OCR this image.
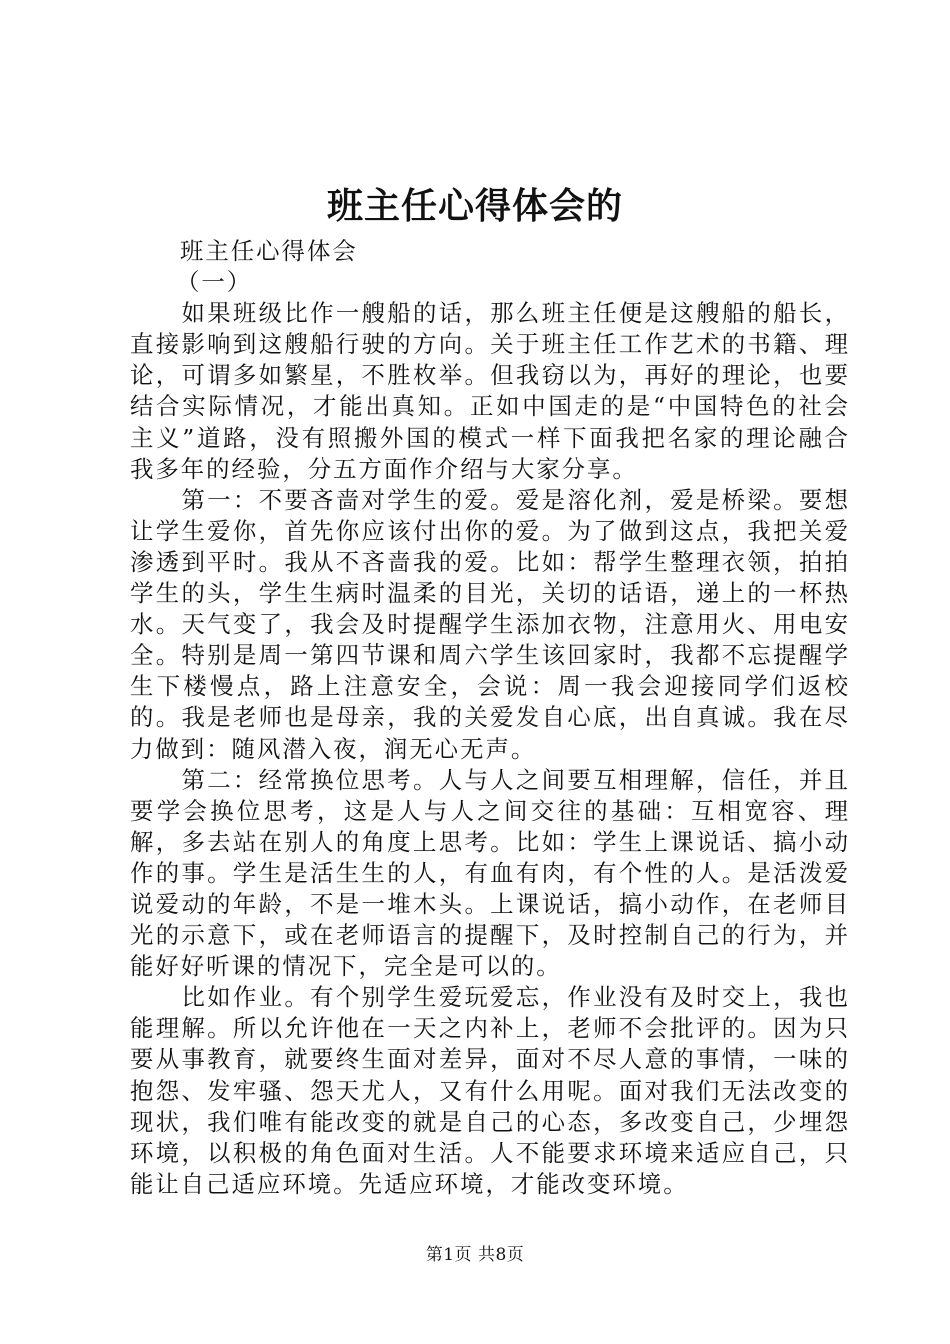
班主任心得体会的

班主任心得体会

（一）

如果班级比作一艘船的话，那么班主任便是这艘船的船长，直接影响到这艘船行驶的方向。关于班主任工作艺术的书籍、理论，可谓多如繁星，不胜枚举。但我窃以为，再好的理论，也要结合实际情况，才能出真知。正如中国走的是“中国特色的社会主义”道路，没有照搬外国的模式一样下面我把名家的理论融合我多年的经验，分五方面作介绍与大家分享。

第一：不要吝啬对学生的爱。爱是溶化剂，爱是桥梁。要想让学生爱你，首先你应该付出你的爱。为了做到这点，我把关爱渗透到平时。我从不吝啬我的爱。比如：帮学生整理衣领，拍拍学生的头，学生生病时温柔的目光，关切的话语，递上的一杯热水。天气变了，我会及时提醒学生添加衣物，注意用火、用电安全。特别是周一第四节课和周六学生该回家时，我都不忘提醒学生下楼慢点，路上注意安全，会说：周一我会迎接同学们返校的。我是老师也是母亲，我的关爱发自心底，出自真诚。我在尽力做到：随风潜入夜，润无心无声。

第二：经常换位思考。人与人之间要互相理解，信任，并且要学会换位思考，这是人与人之间交往的基础：互相宽容、理解，多去站在别人的角度上思考。比如：学生上课说话、搞小动作的事。学生是活生生的人，有血有肉，有个性的人。是活泼爱说爱动的年龄，不是一堆木头。上课说话，搞小动作，在老师目光的示意下，或在老师语言的提醒下，及时控制自己的行为，并能好好听课的情况下，完全是可以的。

比如作业。有个别学生爱玩爱忘，作业没有及时交上，我也能理解。所以允许他在一天之内补上，老师不会批评的。因为只要从事教育，就要终生面对差异，面对不尽人意的事情，一味的抱怨、发牢骚、怨天尤人，又有什么用呢。面对我们无法改变的现状，我们唯有能改变的就是自己的心态，多改变自己，少埋怨环境，以积极的角色面对生活。人不能要求环境来适应自己，只能让自己适应环境。先适应环境，才能改变环境。

第1页 共8页
